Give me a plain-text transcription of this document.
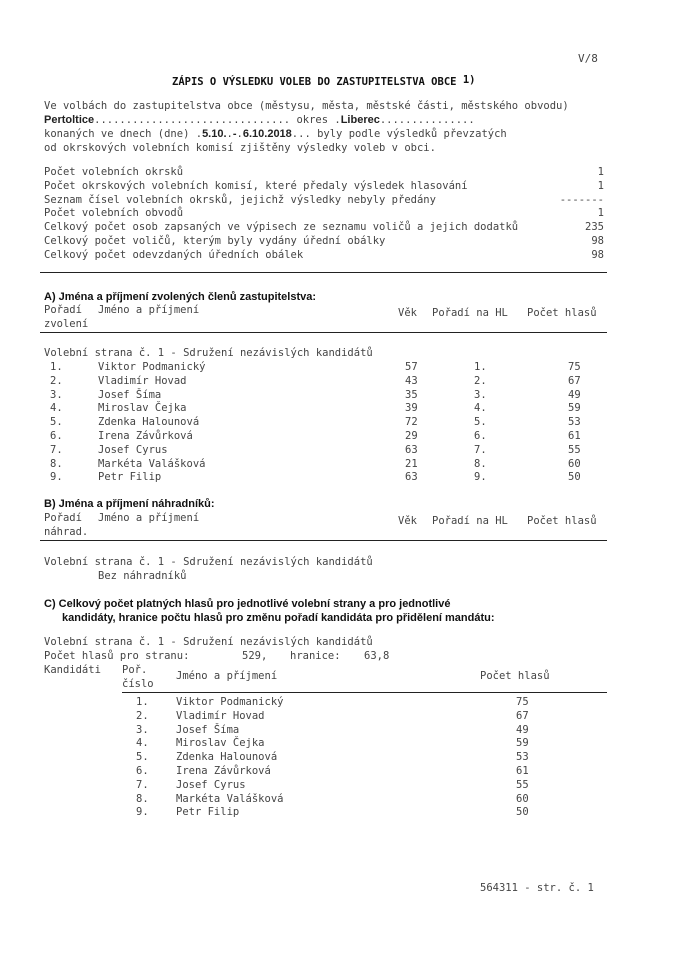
V/8
ZÁPIS O VÝSLEDKU VOLEB DO ZASTUPITELSTVA OBCE 1)
Ve volbách do zastupitelstva obce (městysu, města, městské části, městského obvodu)
Pertoltice............................... okres .Liberec...............
konaných ve dnech (dne) .5.10..-.6.10.2018... byly podle výsledků převzatých
od okrskových volebních komisí zjištěny výsledky voleb v obci.
Počet volebních okrsků	1
Počet okrskových volebních komisí, které předaly výsledek hlasování	1
Seznam čísel volebních okrsků, jejichž výsledky nebyly předány	-------
Počet volebních obvodů	1
Celkový počet osob zapsaných ve výpisech ze seznamu voličů a jejich dodatků	235
Celkový počet voličů, kterým byly vydány úřední obálky	98
Celkový počet odevzdaných úředních obálek	98
A) Jména a příjmení zvolených členů zastupitelstva:
Pořadí
zvolení
Jméno a příjmení	Věk Pořadí na HL Počet hlasů
Volební strana č. 1 - Sdružení nezávislých kandidátů
1.	Viktor Podmanický	57	1.	75
2.	Vladimír Hovad	43	2.	67
3.	Josef Šíma	35	3.	49
4.	Miroslav Čejka	39	4.	59
5.	Zdenka Halounová	72	5.	53
6.	Irena Závůrková	29	6.	61
7.	Josef Cyrus	63	7.	55
8.	Markéta Valášková	21	8.	60
9.	Petr Filip	63	9.	50
B) Jména a příjmení náhradníků:
Pořadí
náhrad.
Jméno a příjmení	Věk Pořadí na HL Počet hlasů
Volební strana č. 1 - Sdružení nezávislých kandidátů
Bez náhradníků
C) Celkový počet platných hlasů pro jednotlivé volební strany a pro jednotlivé
kandidáty, hranice počtu hlasů pro změnu pořadí kandidáta pro přidělení mandátu:
Volební strana č. 1 - Sdružení nezávislých kandidátů
Počet hlasů pro stranu:	529, hranice: 63,8
Kandidáti Poř.
číslo
Jméno a příjmení	Počet hlasů
1.	Viktor Podmanický	75
2.	Vladimír Hovad	67
3.	Josef Šíma	49
4.	Miroslav Čejka	59
5.	Zdenka Halounová	53
6.	Irena Závůrková	61
7.	Josef Cyrus	55
8.	Markéta Valášková	60
9.	Petr Filip	50
564311 - str. č. 1
